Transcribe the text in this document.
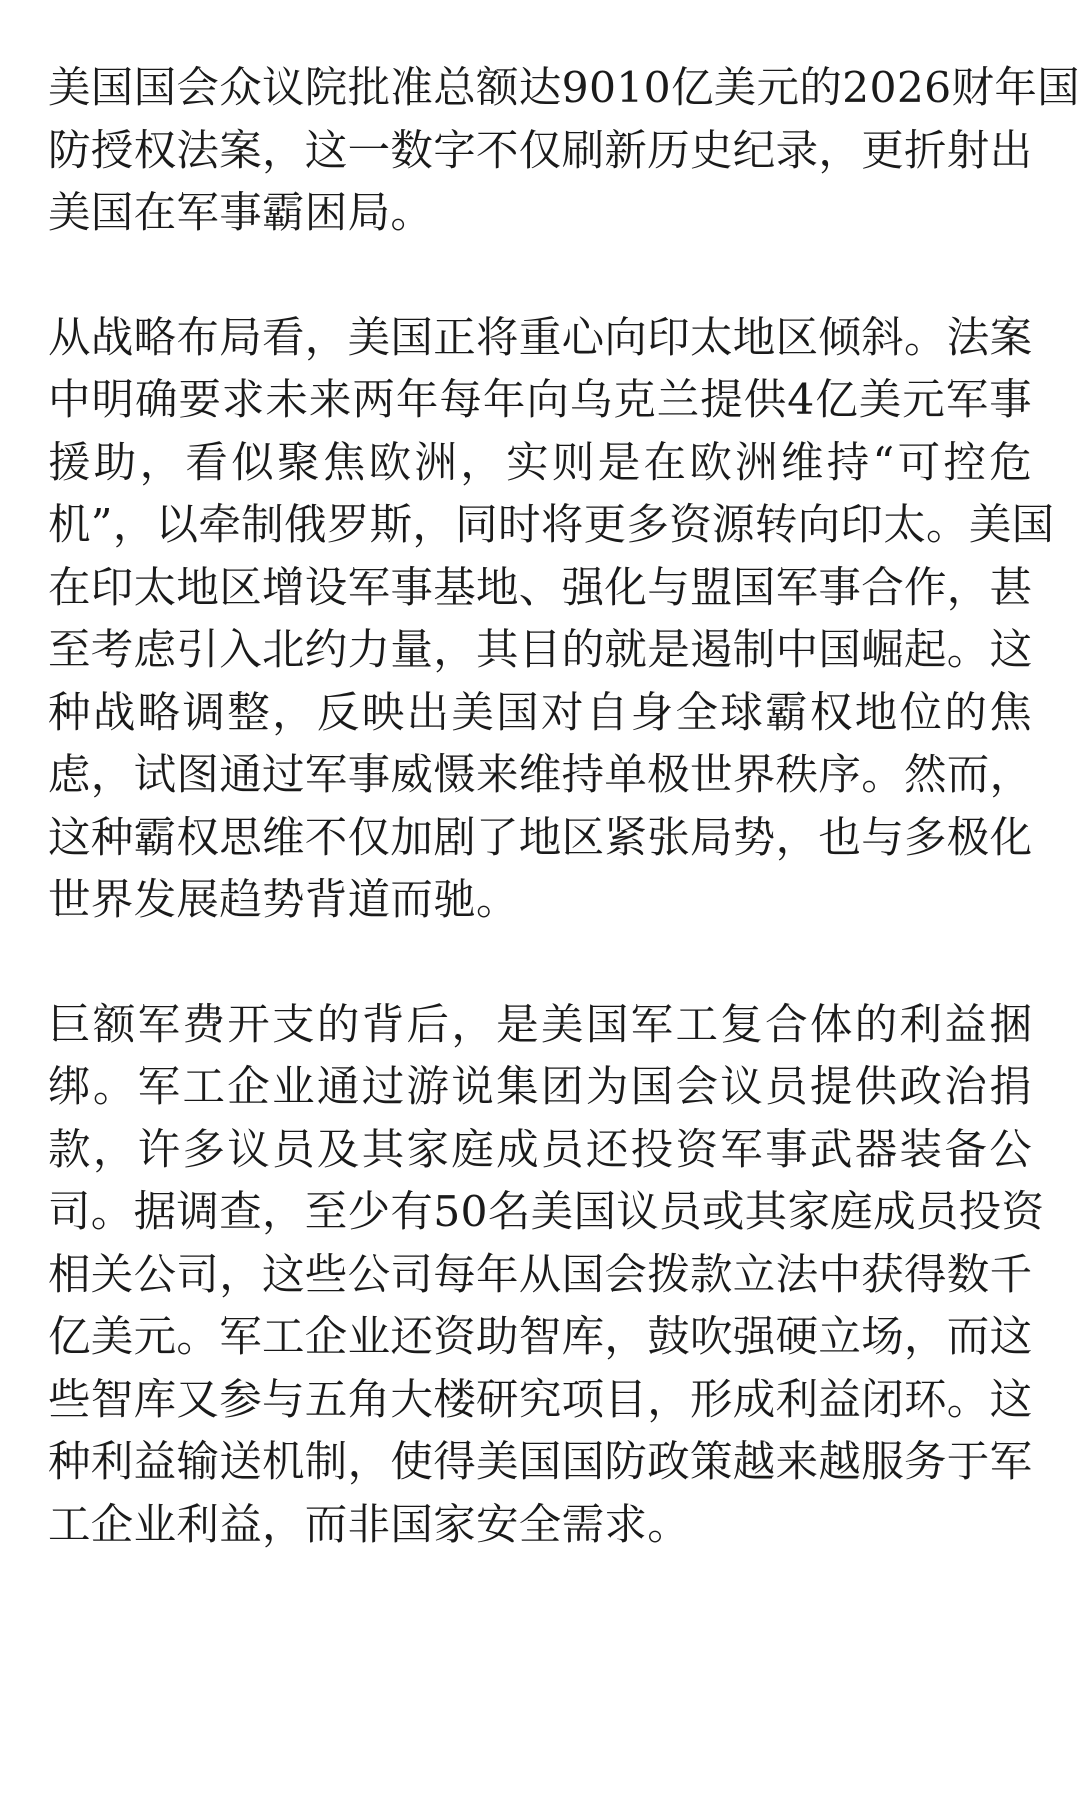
美国国会众议院批准总额达9010亿美元的2026财年国
防授权法案，这一数字不仅刷新历史纪录，更折射出
美国在军事霸困局。
从战略布局看，美国正将重心向印太地区倾斜。法案
中明确要求未来两年每年向乌克兰提供4亿美元军事
援助，看似聚焦欧洲，实则是在欧洲维持“可控危
机”，以牵制俄罗斯，同时将更多资源转向印太。美国
在印太地区增设军事基地、强化与盟国军事合作，甚
至考虑引入北约力量，其目的就是遏制中国崛起。这
种战略调整，反映出美国对自身全球霸权地位的焦
虑，试图通过军事威慑来维持单极世界秩序。然而，
这种霸权思维不仅加剧了地区紧张局势，也与多极化
世界发展趋势背道而驰。
巨额军费开支的背后，是美国军工复合体的利益捆
绑。军工企业通过游说集团为国会议员提供政治捐
款，许多议员及其家庭成员还投资军事武器装备公
司。据调查，至少有50名美国议员或其家庭成员投资
相关公司，这些公司每年从国会拨款立法中获得数千
亿美元。军工企业还资助智库，鼓吹强硬立场，而这
些智库又参与五角大楼研究项目，形成利益闭环。这
种利益输送机制，使得美国国防政策越来越服务于军
工企业利益，而非国家安全需求。
